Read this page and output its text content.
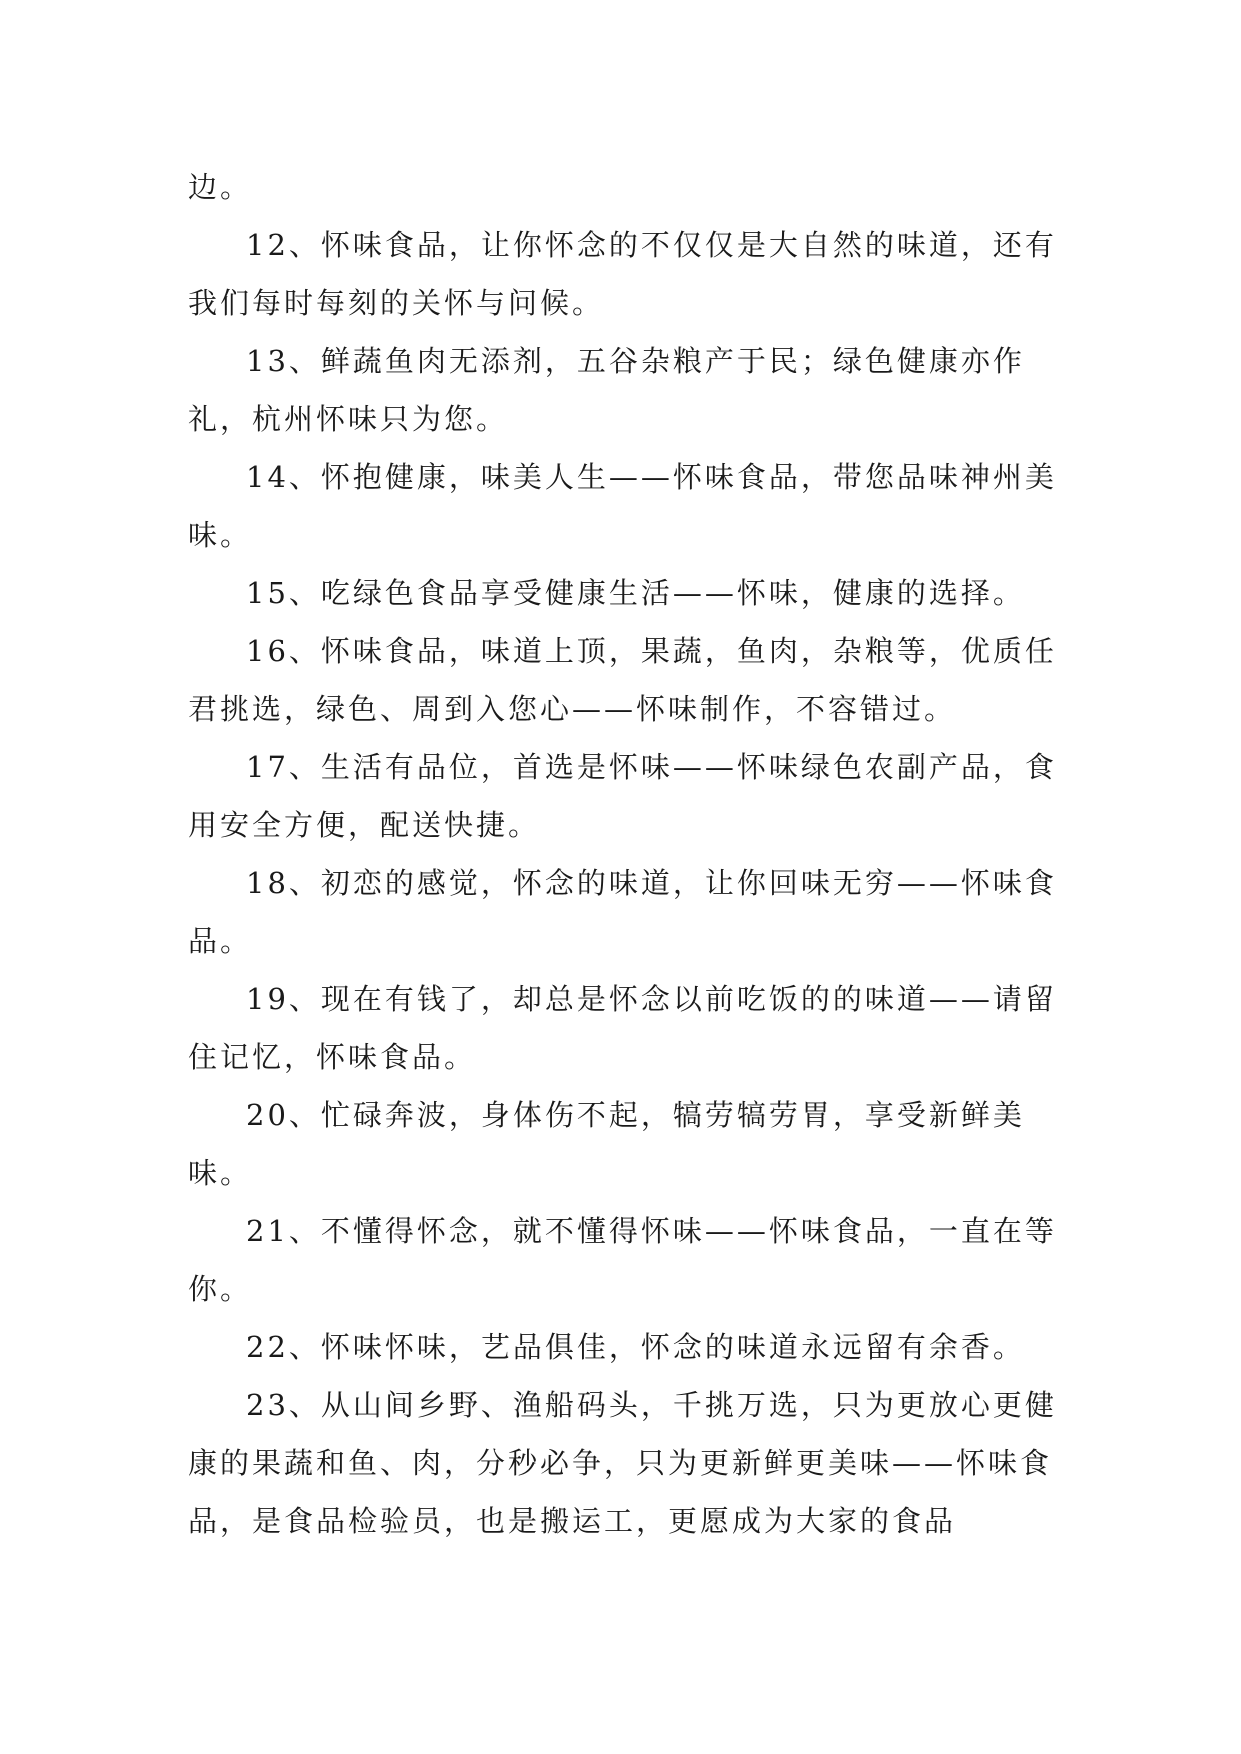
边。

12、怀味食品，让你怀念的不仅仅是大自然的味道，还有我们每时每刻的关怀与问候。

13、鲜蔬鱼肉无添剂，五谷杂粮产于民；绿色健康亦作礼，杭州怀味只为您。

14、怀抱健康，味美人生——怀味食品，带您品味神州美味。

15、吃绿色食品享受健康生活——怀味，健康的选择。

16、怀味食品，味道上顶，果蔬，鱼肉，杂粮等，优质任君挑选，绿色、周到入您心——怀味制作，不容错过。

17、生活有品位，首选是怀味——怀味绿色农副产品，食用安全方便，配送快捷。

18、初恋的感觉，怀念的味道，让你回味无穷——怀味食品。

19、现在有钱了，却总是怀念以前吃饭的的味道——请留住记忆，怀味食品。

20、忙碌奔波，身体伤不起，犒劳犒劳胃，享受新鲜美味。

21、不懂得怀念，就不懂得怀味——怀味食品，一直在等你。

22、怀味怀味，艺品俱佳，怀念的味道永远留有余香。

23、从山间乡野、渔船码头，千挑万选，只为更放心更健康的果蔬和鱼、肉，分秒必争，只为更新鲜更美味——怀味食品，是食品检验员，也是搬运工，更愿成为大家的食品
